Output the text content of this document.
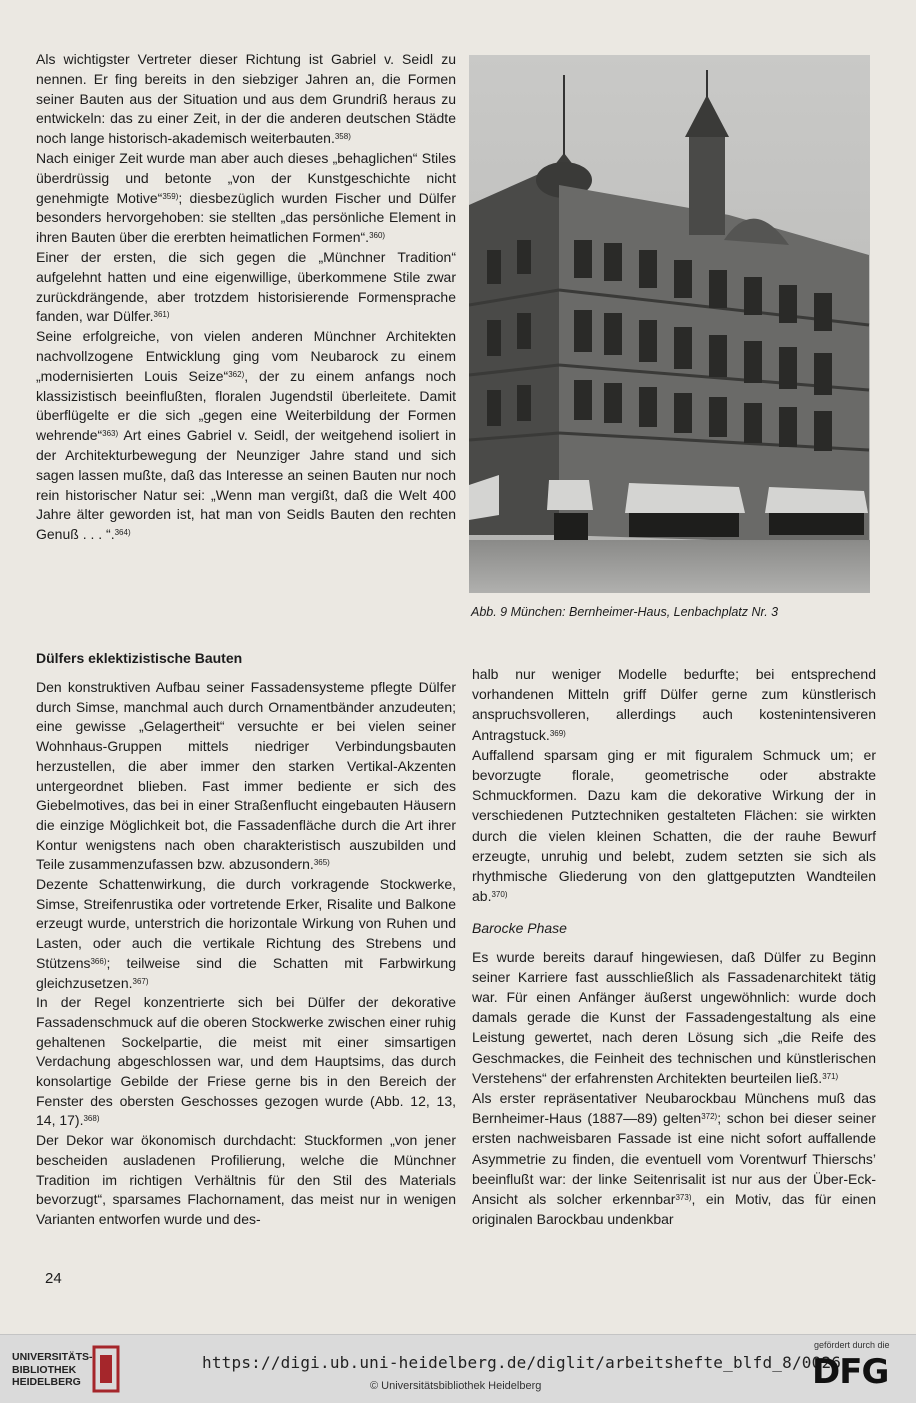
Als wichtigster Vertreter dieser Richtung ist Gabriel v. Seidl zu nennen. Er fing bereits in den siebziger Jahren an, die Formen seiner Bauten aus der Situation und aus dem Grundriß heraus zu entwickeln: das zu einer Zeit, in der die anderen deutschen Städte noch lange historisch-akademisch weiterbauten.$^{358)}$

Nach einiger Zeit wurde man aber auch dieses „behaglichen“ Stiles überdrüssig und betonte „von der Kunstgeschichte nicht genehmigte Motive“$^{359)}$; diesbezüglich wurden Fischer und Dülfer besonders hervorgehoben: sie stellten „das persönliche Element in ihren Bauten über die ererbten heimatlichen Formen“.$^{360)}$

Einer der ersten, die sich gegen die „Münchner Tradition“ aufgelehnt hatten und eine eigenwillige, überkommene Stile zwar zurückdrängende, aber trotzdem historisierende Formensprache fanden, war Dülfer.$^{361)}$

Seine erfolgreiche, von vielen anderen Münchner Architekten nachvollzogene Entwicklung ging vom Neubarock zu einem „modernisierten Louis Seize“$^{362)}$, der zu einem anfangs noch klassizistisch beeinflußten, floralen Jugendstil überleitete. Damit überflügelte er die sich „gegen eine Weiterbildung der Formen wehrende“$^{363)}$ Art eines Gabriel v. Seidl, der weitgehend isoliert in der Architekturbewegung der Neunziger Jahre stand und sich sagen lassen mußte, daß das Interesse an seinen Bauten nur noch rein historischer Natur sei: „Wenn man vergißt, daß die Welt 400 Jahre älter geworden ist, hat man von Seidls Bauten den rechten Genuß . . . “.$^{364)}$

Dülfers eklektizistische Bauten

Den konstruktiven Aufbau seiner Fassadensysteme pflegte Dülfer durch Simse, manchmal auch durch Ornamentbänder anzudeuten; eine gewisse „Gelagertheit“ versuchte er bei vielen seiner Wohnhaus-Gruppen mittels niedriger Verbindungsbauten herzustellen, die aber immer den starken Vertikal-Akzenten untergeordnet blieben. Fast immer bediente er sich des Giebelmotives, das bei in einer Straßenflucht eingebauten Häusern die einzige Möglichkeit bot, die Fassadenfläche durch die Art ihrer Kontur wenigstens nach oben charakteristisch auszubilden und Teile zusammenzufassen bzw. abzusondern.$^{365)}$

Dezente Schattenwirkung, die durch vorkragende Stockwerke, Simse, Streifenrustika oder vortretende Erker, Risalite und Balkone erzeugt wurde, unterstrich die horizontale Wirkung von Ruhen und Lasten, oder auch die vertikale Richtung des Strebens und Stützens$^{366)}$; teilweise sind die Schatten mit Farbwirkung gleichzusetzen.$^{367)}$

In der Regel konzentrierte sich bei Dülfer der dekorative Fassadenschmuck auf die oberen Stockwerke zwischen einer ruhig gehaltenen Sockelpartie, die meist mit einer simsartigen Verdachung abgeschlossen war, und dem Hauptsims, das durch konsolartige Gebilde der Friese gerne bis in den Bereich der Fenster des obersten Geschosses gezogen wurde (Abb. 12, 13, 14, 17).$^{368)}$

Der Dekor war ökonomisch durchdacht: Stuckformen „von jener bescheiden ausladenen Profilierung, welche die Münchner Tradition im richtigen Verhältnis für den Stil des Materials bevorzugt“, sparsames Flachornament, das meist nur in wenigen Varianten entworfen wurde und des-

Abb. 9 München: Bernheimer-Haus, Lenbachplatz Nr. 3

halb nur weniger Modelle bedurfte; bei entsprechend vorhandenen Mitteln griff Dülfer gerne zum künstlerisch anspruchsvolleren, allerdings auch kostenintensiveren Antragstuck.$^{369)}$

Auffallend sparsam ging er mit figuralem Schmuck um; er bevorzugte florale, geometrische oder abstrakte Schmuckformen. Dazu kam die dekorative Wirkung der in verschiedenen Putztechniken gestalteten Flächen: sie wirkten durch die vielen kleinen Schatten, die der rauhe Bewurf erzeugte, unruhig und belebt, zudem setzten sie sich als rhythmische Gliederung von den glattgeputzten Wandteilen ab.$^{370)}$

Barocke Phase

Es wurde bereits darauf hingewiesen, daß Dülfer zu Beginn seiner Karriere fast ausschließlich als Fassadenarchitekt tätig war. Für einen Anfänger äußerst ungewöhnlich: wurde doch damals gerade die Kunst der Fassadengestaltung als eine Leistung gewertet, nach deren Lösung sich „die Reife des Geschmackes, die Feinheit des technischen und künstlerischen Verstehens“ der erfahrensten Architekten beurteilen ließ.$^{371)}$

Als erster repräsentativer Neubarockbau Münchens muß das Bernheimer-Haus (1887—89) gelten$^{372)}$; schon bei dieser seiner ersten nachweisbaren Fassade ist eine nicht sofort auffallende Asymmetrie zu finden, die eventuell vom Vorentwurf Thierschs’ beeinflußt war: der linke Seitenrisalit ist nur aus der Über-Eck-Ansicht als solcher erkennbar$^{373)}$, ein Motiv, das für einen originalen Barockbau undenkbar

24
UNIVERSITÄTS-
BIBLIOTHEK
HEIDELBERG
https://digi.ub.uni-heidelberg.de/diglit/arbeitshefte_blfd_8/0026
© Universitätsbibliothek Heidelberg
gefördert durch die
DFG
